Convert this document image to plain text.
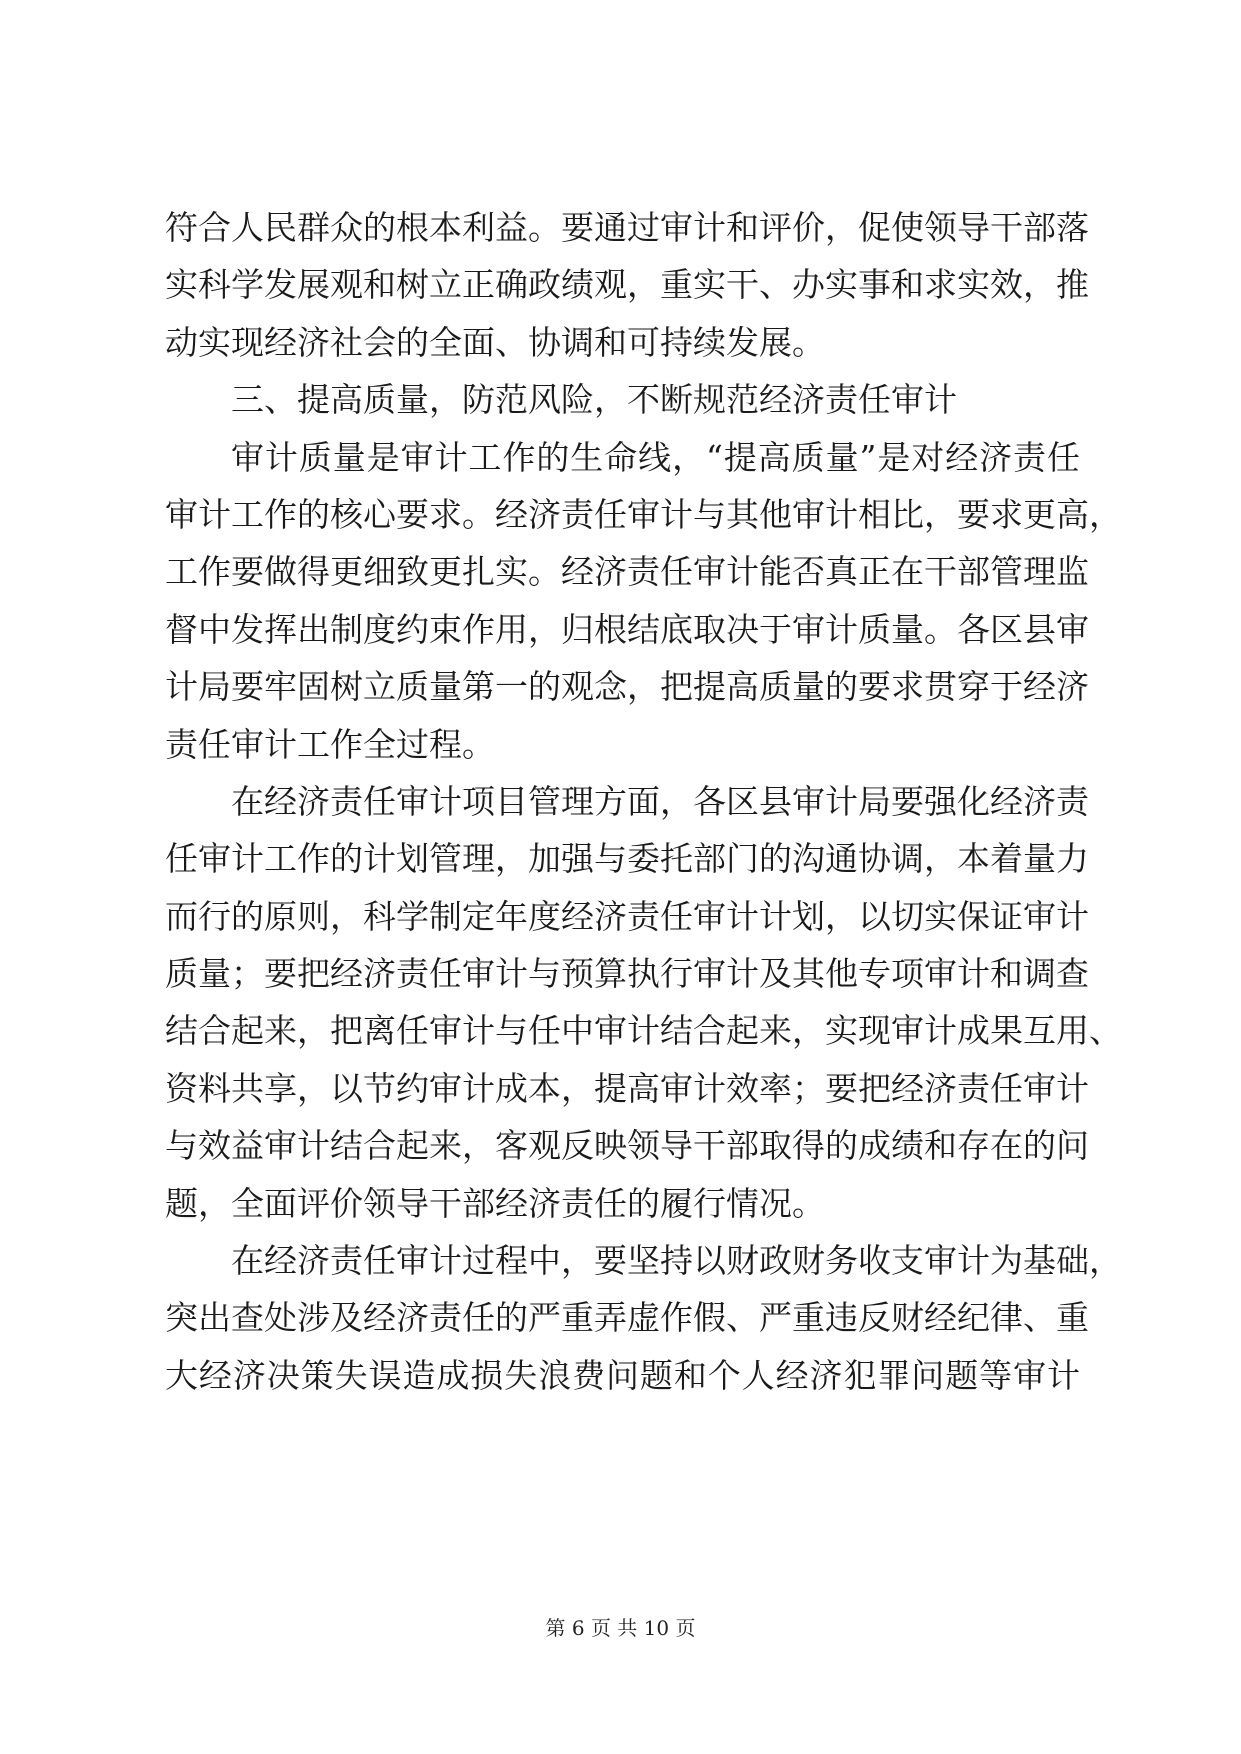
符合人民群众的根本利益。要通过审计和评价，促使领导干部落
实科学发展观和树立正确政绩观，重实干、办实事和求实效，推
动实现经济社会的全面、协调和可持续发展。
三、提高质量，防范风险，不断规范经济责任审计
审计质量是审计工作的生命线，“提高质量”是对经济责任
审计工作的核心要求。经济责任审计与其他审计相比，要求更高，
工作要做得更细致更扎实。经济责任审计能否真正在干部管理监
督中发挥出制度约束作用，归根结底取决于审计质量。各区县审
计局要牢固树立质量第一的观念，把提高质量的要求贯穿于经济
责任审计工作全过程。
在经济责任审计项目管理方面，各区县审计局要强化经济责
任审计工作的计划管理，加强与委托部门的沟通协调，本着量力
而行的原则，科学制定年度经济责任审计计划，以切实保证审计
质量；要把经济责任审计与预算执行审计及其他专项审计和调查
结合起来，把离任审计与任中审计结合起来，实现审计成果互用、
资料共享，以节约审计成本，提高审计效率；要把经济责任审计
与效益审计结合起来，客观反映领导干部取得的成绩和存在的问
题，全面评价领导干部经济责任的履行情况。
在经济责任审计过程中，要坚持以财政财务收支审计为基础，
突出查处涉及经济责任的严重弄虚作假、严重违反财经纪律、重
大经济决策失误造成损失浪费问题和个人经济犯罪问题等审计
第 6 页 共 10 页
